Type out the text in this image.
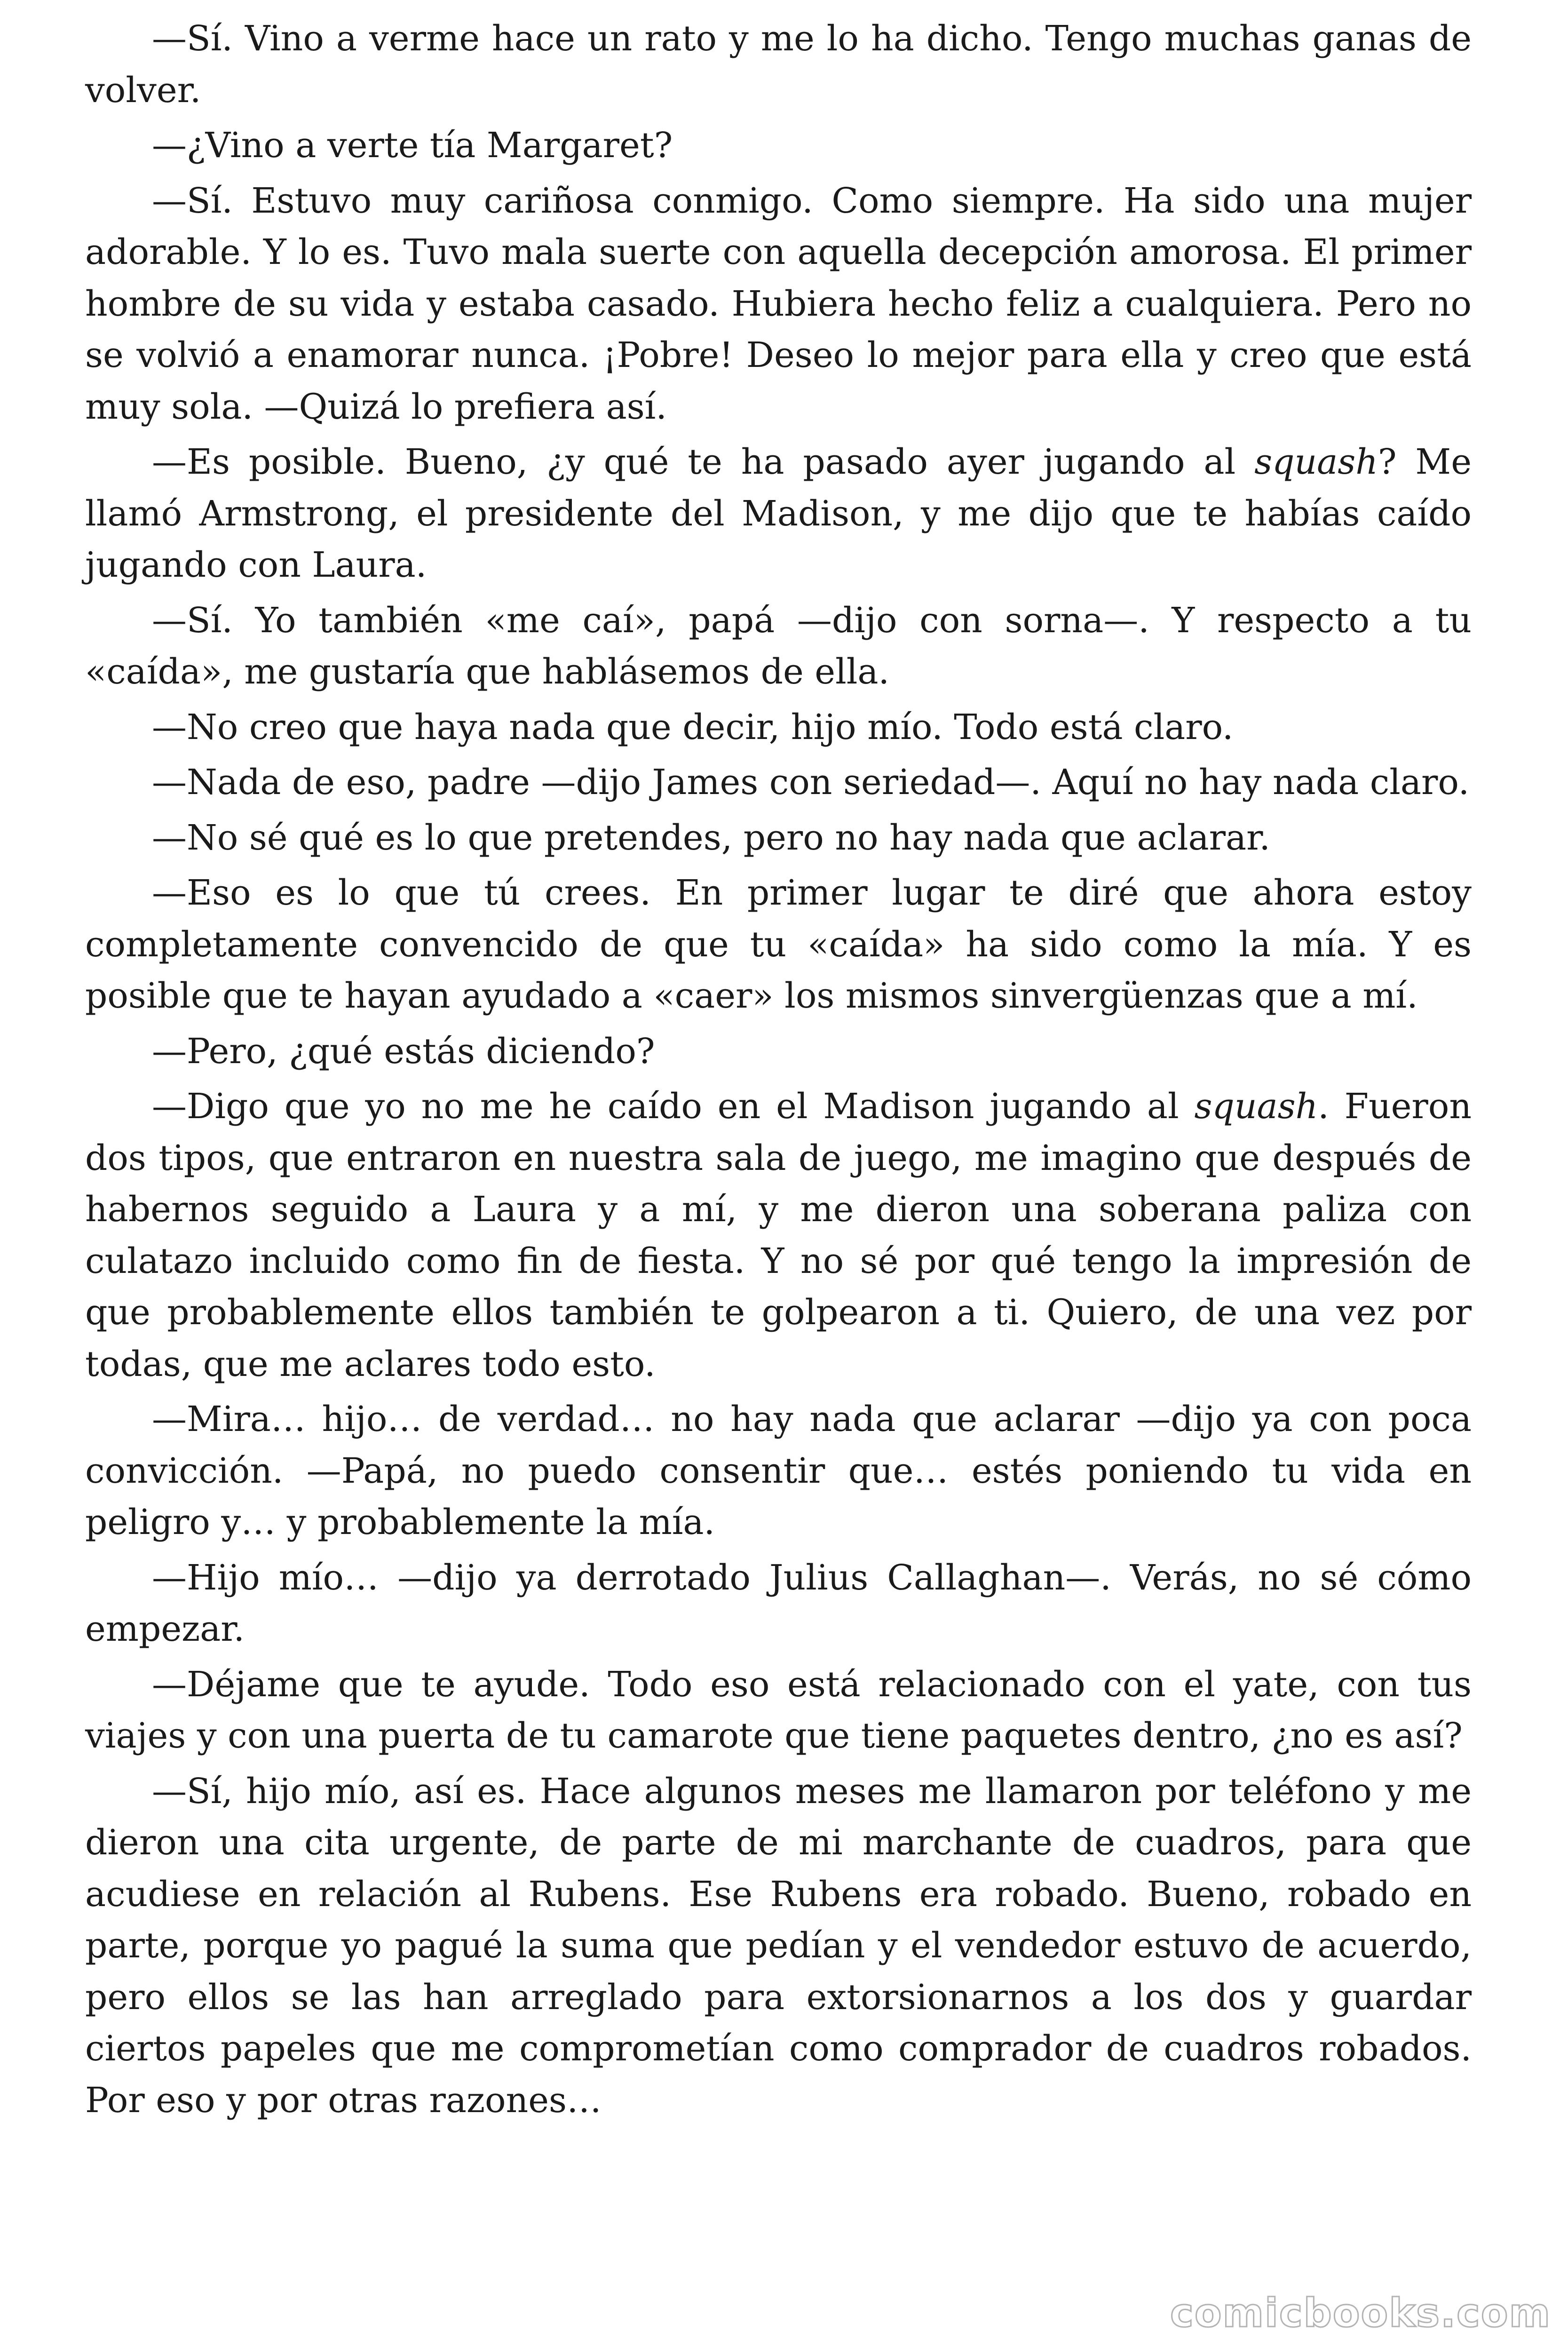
—Sí. Vino a verme hace un rato y me lo ha dicho. Tengo muchas ganas de volver.

—¿Vino a verte tía Margaret?

—Sí. Estuvo muy cariñosa conmigo. Como siempre. Ha sido una mujer adorable. Y lo es. Tuvo mala suerte con aquella decepción amorosa. El primer hombre de su vida y estaba casado. Hubiera hecho feliz a cualquiera. Pero no se volvió a enamorar nunca. ¡Pobre! Deseo lo mejor para ella y creo que está muy sola. —Quizá lo prefiera así.

—Es posible. Bueno, ¿y qué te ha pasado ayer jugando al squash? Me llamó Armstrong, el presidente del Madison, y me dijo que te habías caído jugando con Laura.

—Sí. Yo también «me caí», papá —dijo con sorna—. Y respecto a tu «caída», me gustaría que hablásemos de ella.

—No creo que haya nada que decir, hijo mío. Todo está claro.

—Nada de eso, padre —dijo James con seriedad—. Aquí no hay nada claro.

—No sé qué es lo que pretendes, pero no hay nada que aclarar.

—Eso es lo que tú crees. En primer lugar te diré que ahora estoy completamente convencido de que tu «caída» ha sido como la mía. Y es posible que te hayan ayudado a «caer» los mismos sinvergüenzas que a mí.

—Pero, ¿qué estás diciendo?

—Digo que yo no me he caído en el Madison jugando al squash. Fueron dos tipos, que entraron en nuestra sala de juego, me imagino que después de habernos seguido a Laura y a mí, y me dieron una soberana paliza con culatazo incluido como fin de fiesta. Y no sé por qué tengo la impresión de que probablemente ellos también te golpearon a ti. Quiero, de una vez por todas, que me aclares todo esto.

—Mira… hijo… de verdad… no hay nada que aclarar —dijo ya con poca convicción. —Papá, no puedo consentir que… estés poniendo tu vida en peligro y… y probablemente la mía.

—Hijo mío… —dijo ya derrotado Julius Callaghan—. Verás, no sé cómo empezar.

—Déjame que te ayude. Todo eso está relacionado con el yate, con tus viajes y con una puerta de tu camarote que tiene paquetes dentro, ¿no es así?

—Sí, hijo mío, así es. Hace algunos meses me llamaron por teléfono y me dieron una cita urgente, de parte de mi marchante de cuadros, para que acudiese en relación al Rubens. Ese Rubens era robado. Bueno, robado en parte, porque yo pagué la suma que pedían y el vendedor estuvo de acuerdo, pero ellos se las han arreglado para extorsionarnos a los dos y guardar ciertos papeles que me comprometían como comprador de cuadros robados. Por eso y por otras razones…

comicbooks.com
